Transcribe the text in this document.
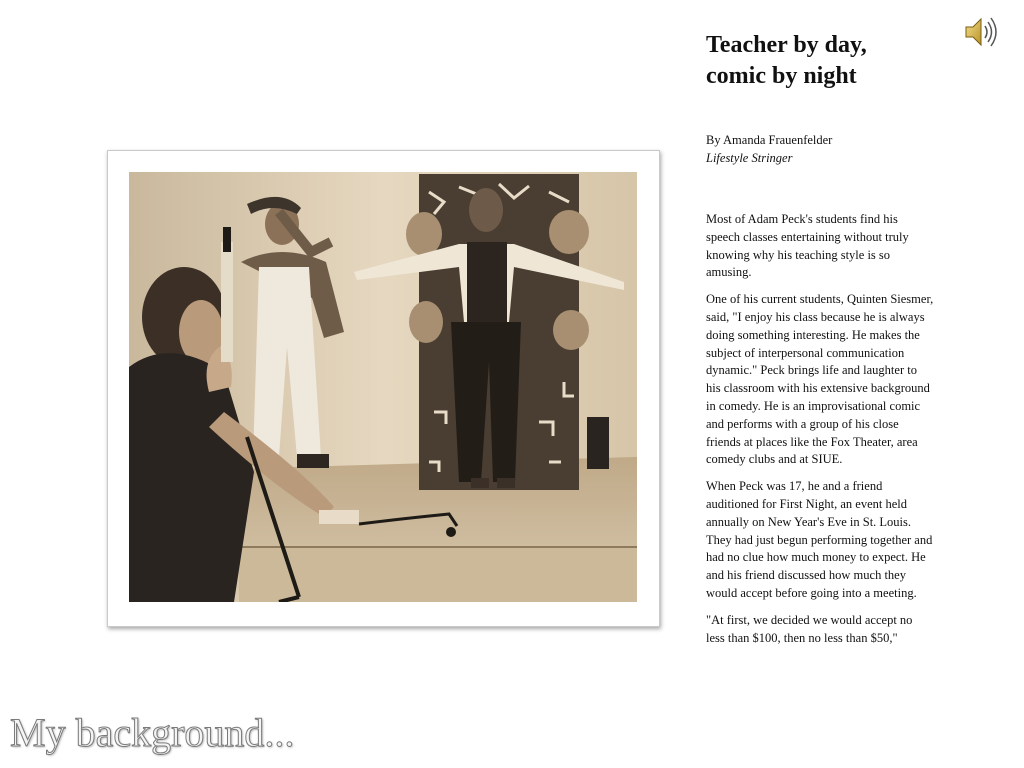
Teacher by day,
comic by night
By Amanda Frauenfelder
Lifestyle Stringer

Most of Adam Peck's students find his speech classes entertaining without truly knowing why his teaching style is so amusing.

One of his current students, Quinten Siesmer, said, "I enjoy his class because he is always doing something interesting. He makes the subject of interpersonal communication dynamic." Peck brings life and laughter to his classroom with his extensive background in comedy. He is an improvisational comic and performs with a group of his close friends at places like the Fox Theater, area comedy clubs and at SIUE.

When Peck was 17, he and a friend auditioned for First Night, an event held annually on New Year's Eve in St. Louis. They had just begun performing together and had no clue how much money to expect. He and his friend discussed how much they would accept before going into a meeting.

"At first, we decided we would accept no less than $100, then no less than $50,"

My background...
